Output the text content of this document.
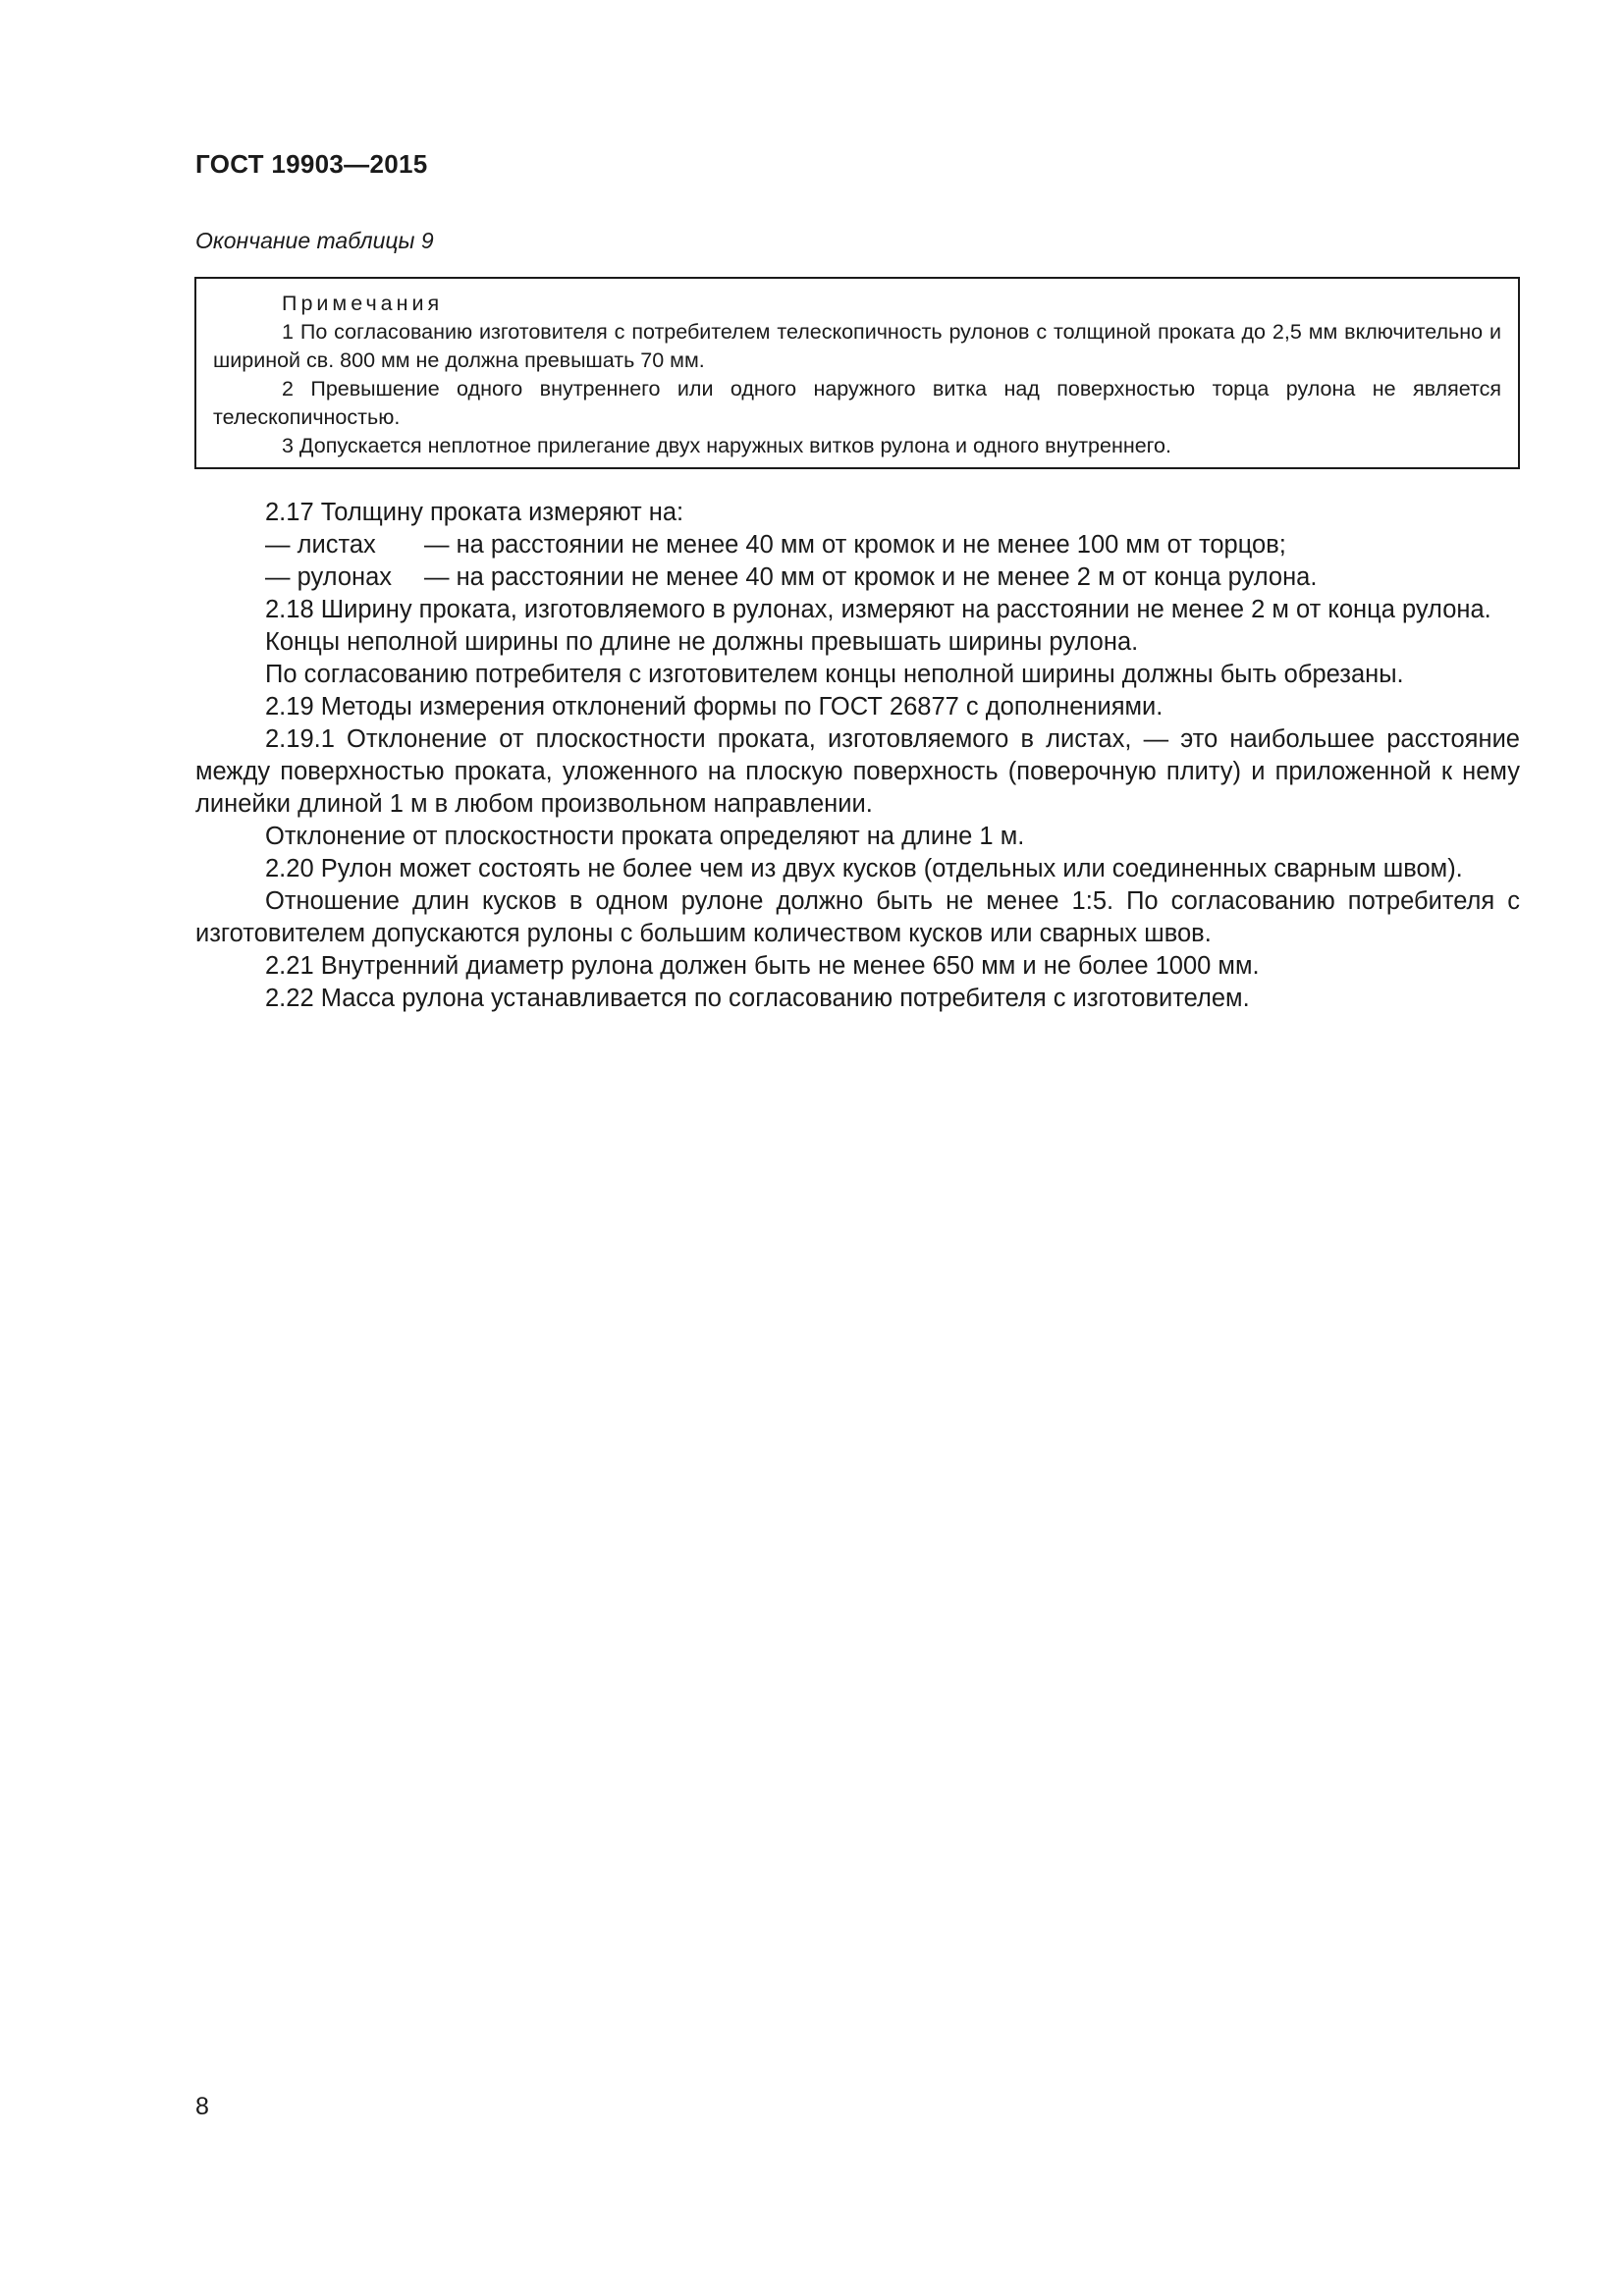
ГОСТ 19903—2015
Окончание таблицы 9
Примечания

1 По согласованию изготовителя с потребителем телескопичность рулонов с толщиной проката до 2,5 мм включительно и шириной св. 800 мм не должна превышать 70 мм.

2 Превышение одного внутреннего или одного наружного витка над поверхностью торца рулона не является телескопичностью.

3 Допускается неплотное прилегание двух наружных витков рулона и одного внутреннего.

2.17 Толщину проката измеряют на:

— листах — на расстоянии не менее 40 мм от кромок и не менее 100 мм от торцов;

— рулонах — на расстоянии не менее 40 мм от кромок и не менее 2 м от конца рулона.

2.18 Ширину проката, изготовляемого в рулонах, измеряют на расстоянии не менее 2 м от конца рулона.

Концы неполной ширины по длине не должны превышать ширины рулона.

По согласованию потребителя с изготовителем концы неполной ширины должны быть обрезаны.

2.19 Методы измерения отклонений формы по ГОСТ 26877 с дополнениями.

2.19.1 Отклонение от плоскостности проката, изготовляемого в листах, — это наибольшее расстояние между поверхностью проката, уложенного на плоскую поверхность (поверочную плиту) и приложенной к нему линейки длиной 1 м в любом произвольном направлении.

Отклонение от плоскостности проката определяют на длине 1 м.

2.20 Рулон может состоять не более чем из двух кусков (отдельных или соединенных сварным швом).

Отношение длин кусков в одном рулоне должно быть не менее 1:5. По согласованию потребителя с изготовителем допускаются рулоны с большим количеством кусков или сварных швов.

2.21 Внутренний диаметр рулона должен быть не менее 650 мм и не более 1000 мм.

2.22 Масса рулона устанавливается по согласованию потребителя с изготовителем.

8
